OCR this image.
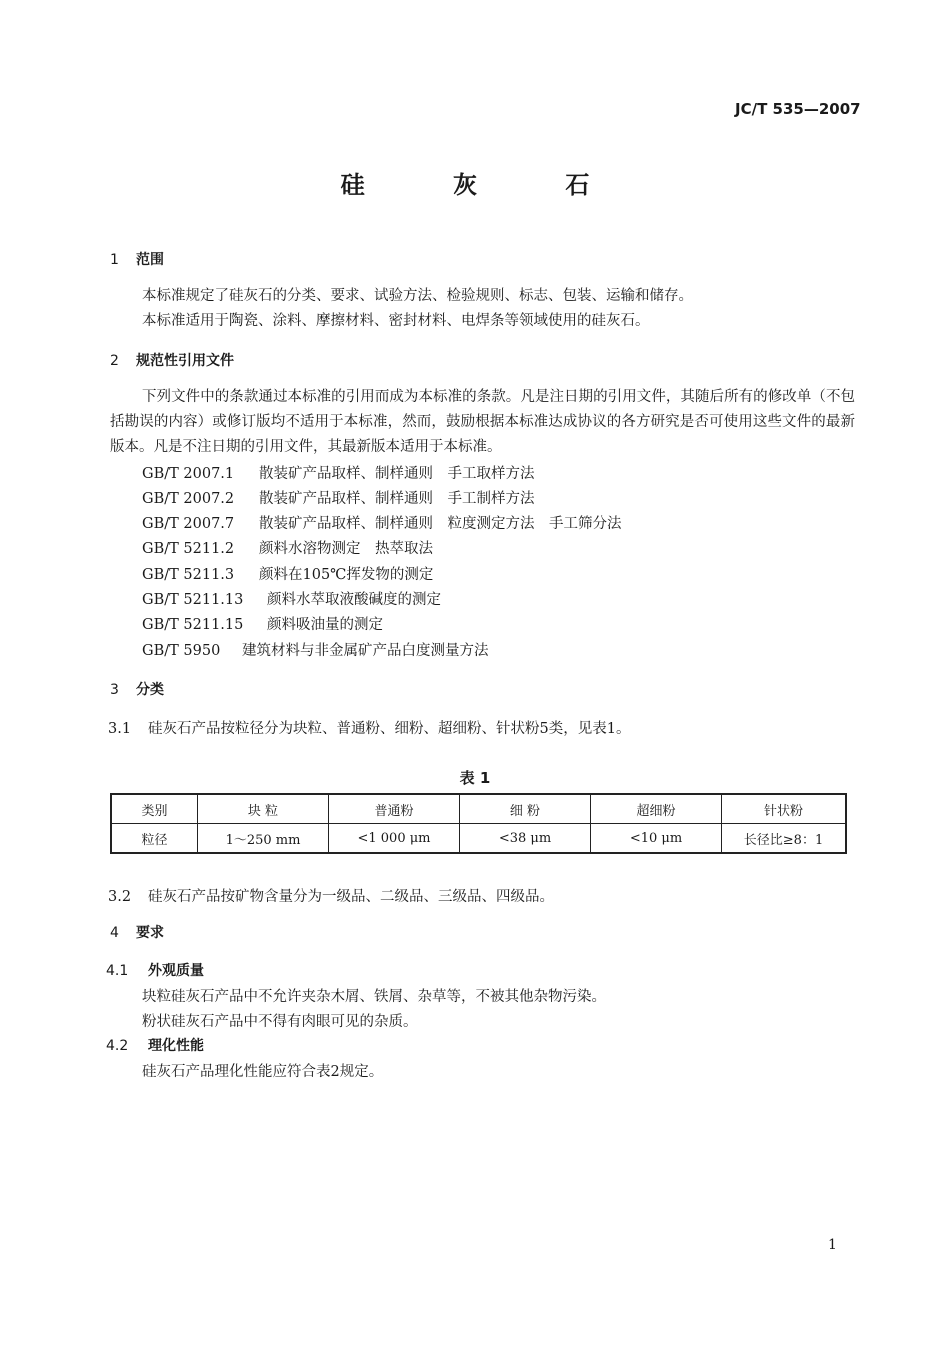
JC/T 535—2007
硅 灰 石
1 范围
本标准规定了硅灰石的分类、要求、试验方法、检验规则、标志、包装、运输和储存。
本标准适用于陶瓷、涂料、摩擦材料、密封材料、电焊条等领域使用的硅灰石。
2 规范性引用文件
下列文件中的条款通过本标准的引用而成为本标准的条款。凡是注日期的引用文件，其随后所有的修改单（不包括勘误的内容）或修订版均不适用于本标准，然而，鼓励根据本标准达成协议的各方研究是否可使用这些文件的最新版本。凡是不注日期的引用文件，其最新版本适用于本标准。
GB/T 2007.1 散装矿产品取样、制样通则　手工取样方法
GB/T 2007.2 散装矿产品取样、制样通则　手工制样方法
GB/T 2007.7 散装矿产品取样、制样通则　粒度测定方法　手工筛分法
GB/T 5211.2 颜料水溶物测定　热萃取法
GB/T 5211.3 颜料在105℃挥发物的测定
GB/T 5211.13 颜料水萃取液酸碱度的测定
GB/T 5211.15 颜料吸油量的测定
GB/T 5950 建筑材料与非金属矿产品白度测量方法
3 分类
3.1 硅灰石产品按粒径分为块粒、普通粉、细粉、超细粉、针状粉5类，见表1。
表 1
类别	块 粒	普通粉	细 粉	超细粉	针状粉
粒径	1～250 mm	<1 000 μm	<38 μm	<10 μm	长径比≥8：1
3.2 硅灰石产品按矿物含量分为一级品、二级品、三级品、四级品。
4 要求
4.1 外观质量
块粒硅灰石产品中不允许夹杂木屑、铁屑、杂草等，不被其他杂物污染。
粉状硅灰石产品中不得有肉眼可见的杂质。
4.2 理化性能
硅灰石产品理化性能应符合表2规定。
1
